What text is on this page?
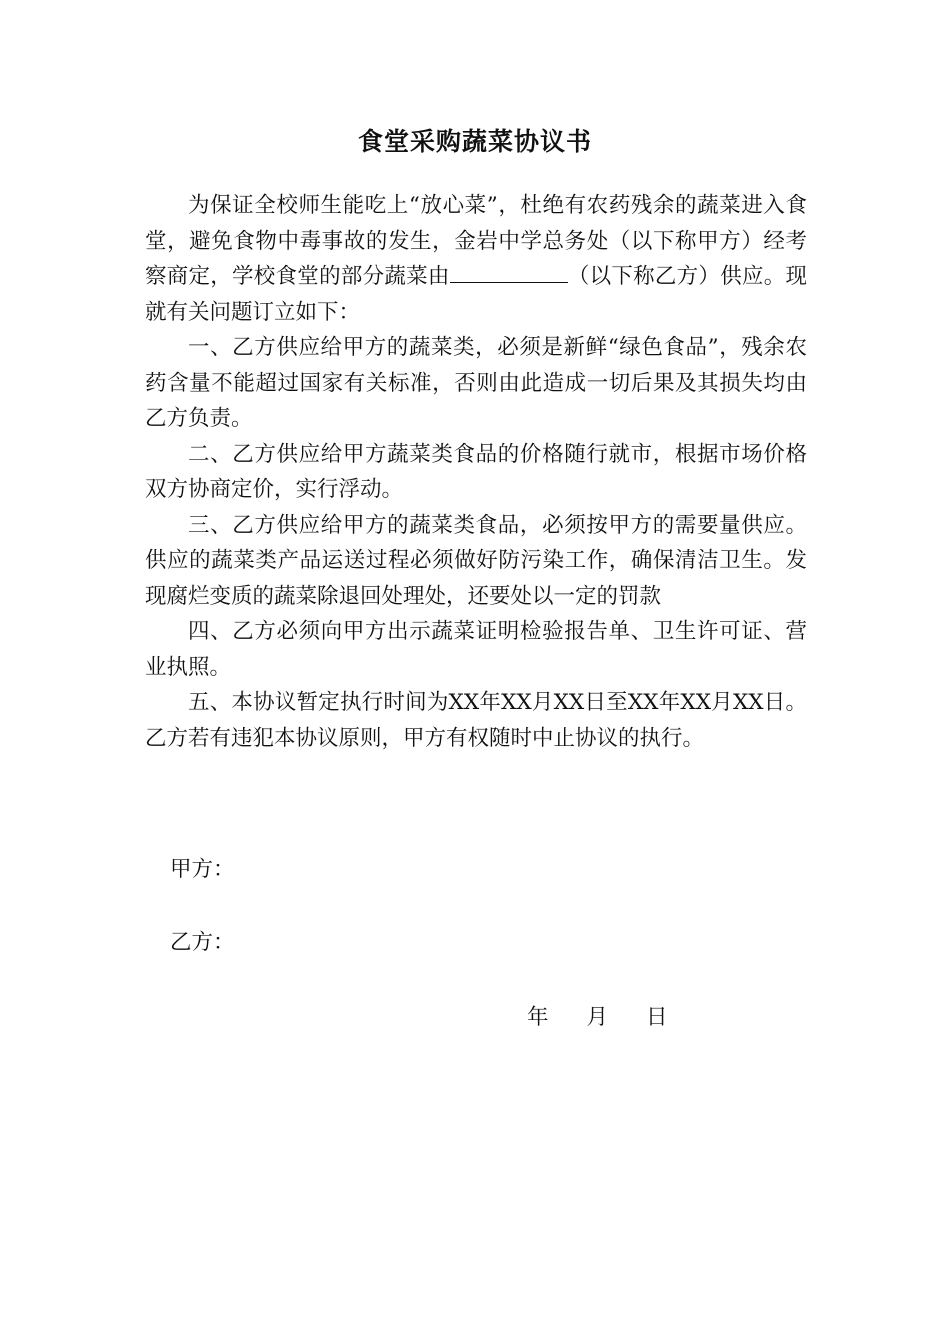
食堂采购蔬菜协议书

为保证全校师生能吃上“放心菜”，杜绝有农药残余的蔬菜进入食堂，避免食物中毒事故的发生，金岩中学总务处（以下称甲方）经考察商定，学校食堂的部分蔬菜由	（以下称乙方）供应。现就有关问题订立如下：

一、乙方供应给甲方的蔬菜类，必须是新鲜“绿色食品”，残余农药含量不能超过国家有关标准，否则由此造成一切后果及其损失均由乙方负责。

二、乙方供应给甲方蔬菜类食品的价格随行就市，根据市场价格双方协商定价，实行浮动。

三、乙方供应给甲方的蔬菜类食品，必须按甲方的需要量供应。供应的蔬菜类产品运送过程必须做好防污染工作，确保清洁卫生。发现腐烂变质的蔬菜除退回处理处，还要处以一定的罚款

四、乙方必须向甲方出示蔬菜证明检验报告单、卫生许可证、营业执照。

五、本协议暂定执行时间为XX年XX月XX日至XX年XX月XX日。乙方若有违犯本协议原则，甲方有权随时中止协议的执行。

甲方：
乙方：
年 月 日
